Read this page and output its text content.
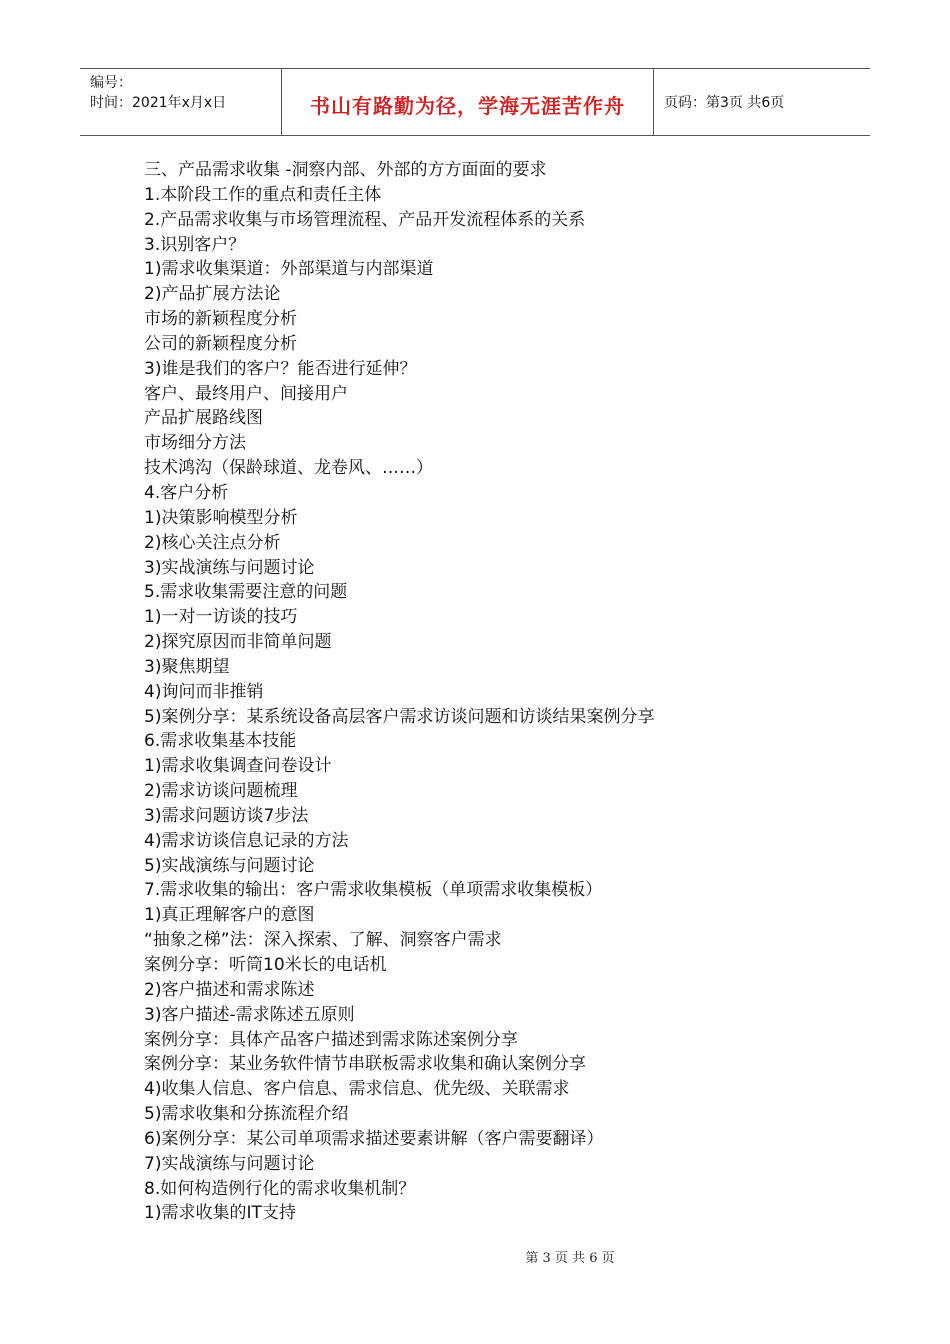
编号：
时间：2021年x月x日	书山有路勤为径，学海无涯苦作舟	页码：第3页 共6页
三、产品需求收集 -洞察内部、外部的方方面面的要求
1.本阶段工作的重点和责任主体
2.产品需求收集与市场管理流程、产品开发流程体系的关系
3.识别客户？
1)需求收集渠道：外部渠道与内部渠道
2)产品扩展方法论
市场的新颖程度分析
公司的新颖程度分析
3)谁是我们的客户？能否进行延伸？
客户、最终用户、间接用户
产品扩展路线图
市场细分方法
技术鸿沟（保龄球道、龙卷风、……）
4.客户分析
1)决策影响模型分析
2)核心关注点分析
3)实战演练与问题讨论
5.需求收集需要注意的问题
1)一对一访谈的技巧
2)探究原因而非简单问题
3)聚焦期望
4)询问而非推销
5)案例分享：某系统设备高层客户需求访谈问题和访谈结果案例分享
6.需求收集基本技能
1)需求收集调查问卷设计
2)需求访谈问题梳理
3)需求问题访谈7步法
4)需求访谈信息记录的方法
5)实战演练与问题讨论
7.需求收集的输出：客户需求收集模板（单项需求收集模板）
1)真正理解客户的意图
“抽象之梯”法：深入探索、了解、洞察客户需求
案例分享：听筒10米长的电话机
2)客户描述和需求陈述
3)客户描述-需求陈述五原则
案例分享：具体产品客户描述到需求陈述案例分享
案例分享：某业务软件情节串联板需求收集和确认案例分享
4)收集人信息、客户信息、需求信息、优先级、关联需求
5)需求收集和分拣流程介绍
6)案例分享：某公司单项需求描述要素讲解（客户需要翻译）
7)实战演练与问题讨论
8.如何构造例行化的需求收集机制？
1)需求收集的IT支持
第 3 页 共 6 页
